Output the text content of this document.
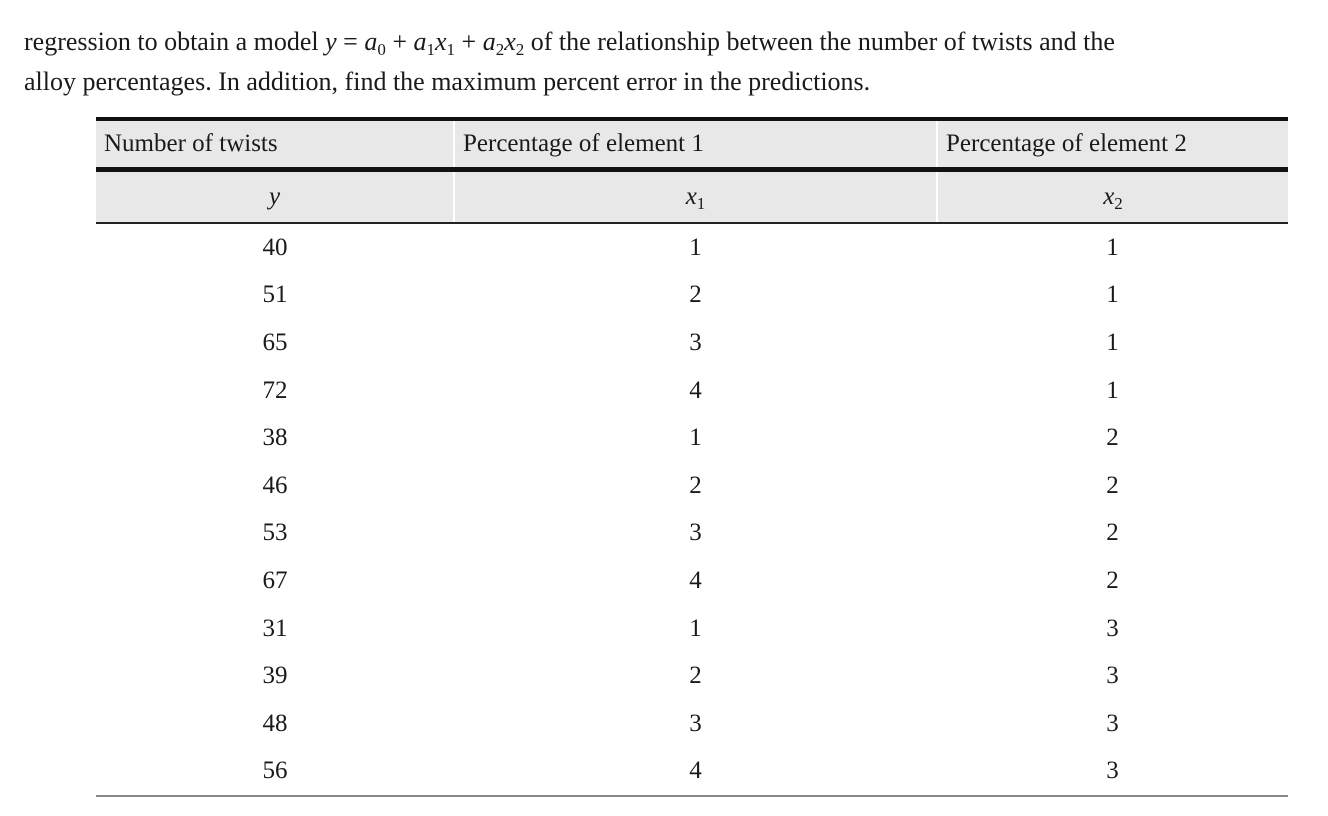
regression to obtain a model $y = a_0 + a_1x_1 + a_2x_2$ of the relationship between the number of twists and the
alloy percentages. In addition, find the maximum percent error in the predictions.
Number of twists	Percentage of element 1	Percentage of element 2
y	$x_1$	$x_2$
40	1	1
51	2	1
65	3	1
72	4	1
38	1	2
46	2	2
53	3	2
67	4	2
31	1	3
39	2	3
48	3	3
56	4	3
